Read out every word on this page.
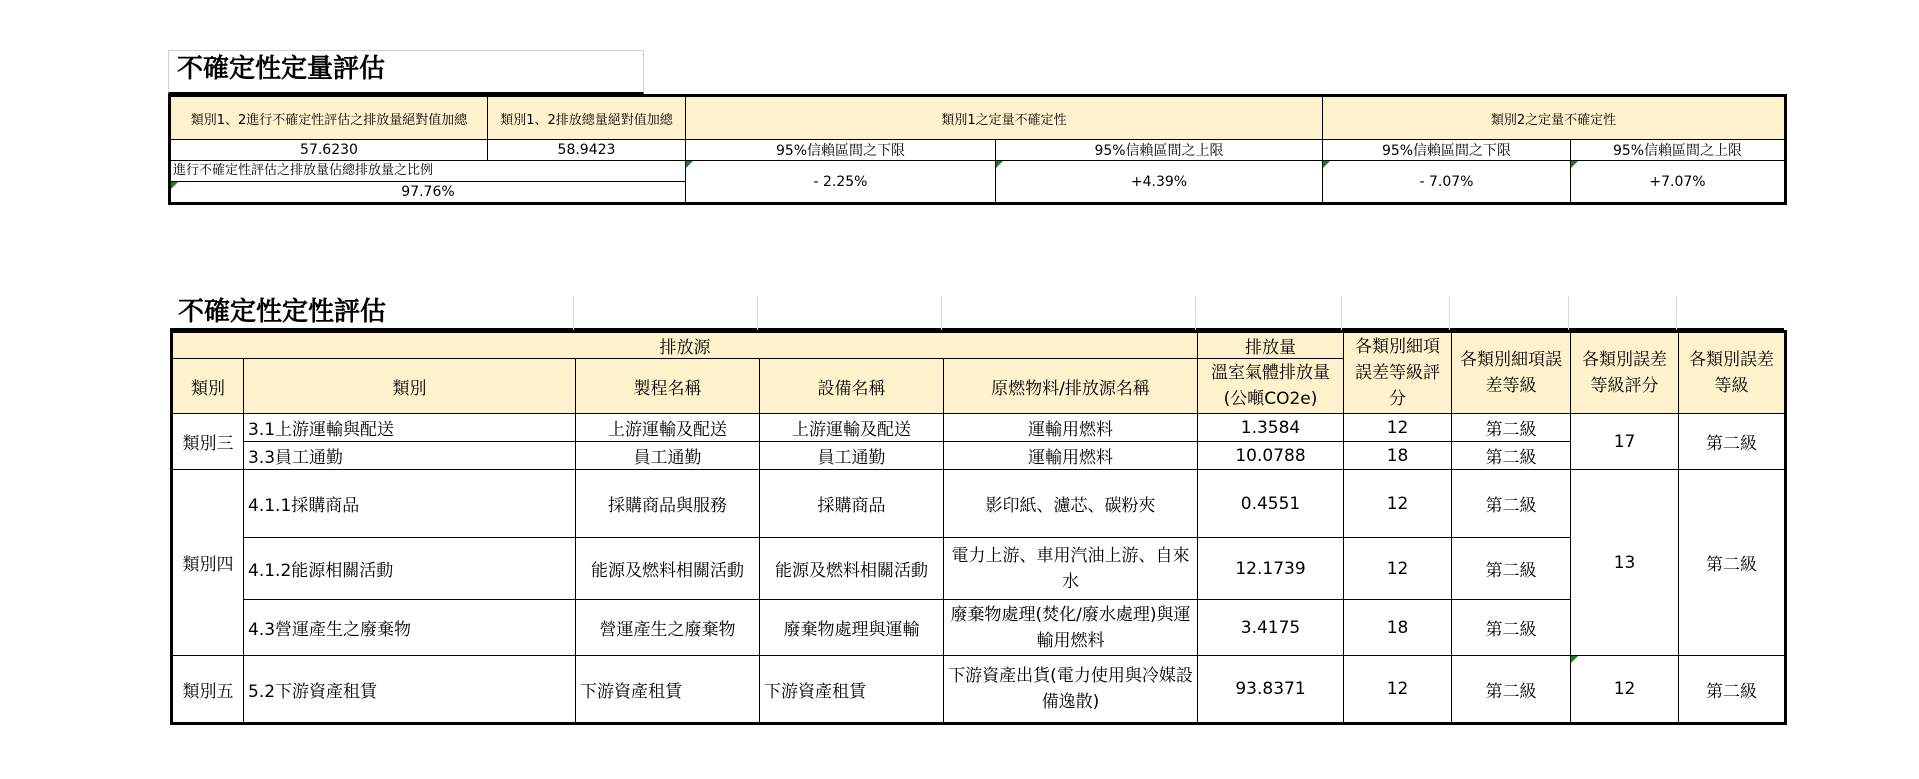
不確定性定量評估
類別1、2進行不確定性評估之排放量絕對值加總	類別1、2排放總量絕對值加總	類別1之定量不確定性		類別2之定量不確定性	
57.6230	58.9423	95%信賴區間之下限	95%信賴區間之上限	95%信賴區間之下限	95%信賴區間之上限

進行不確定性評估之排放量佔總排放量之比例
97.76%		- 2.25%	+4.39%	- 7.07%	+7.07%
不確定性定性評估
排放源					排放量	各類別細項誤差等級評分	各類別細項誤差等級	各類別誤差等級評分	各類別誤差等級
類別	類別	製程名稱	設備名稱	原燃物料/排放源名稱	溫室氣體排放量
(公噸CO2e)				

類別三	3.1上游運輸與配送	上游運輸及配送	上游運輸及配送	運輸用燃料	1.3584	12	第二級	17	第二級
	3.3員工通勤	員工通勤	員工通勤	運輸用燃料	10.0788	18	第二級		
類別四	4.1.1採購商品	採購商品與服務	採購商品	影印紙、濾芯、碳粉夾	0.4551	12	第二級	13	第二級
	4.1.2能源相關活動	能源及燃料相關活動	能源及燃料相關活動	電力上游、車用汽油上游、自來水	12.1739	12	第二級		
	4.3營運產生之廢棄物	營運產生之廢棄物	廢棄物處理與運輸	廢棄物處理(焚化/廢水處理)與運輸用燃料	3.4175	18	第二級		
類別五	5.2下游資產租賃	下游資產租賃	下游資產租賃	下游資產出貨(電力使用與冷媒設備逸散)	93.8371	12	第二級	12	第二級
